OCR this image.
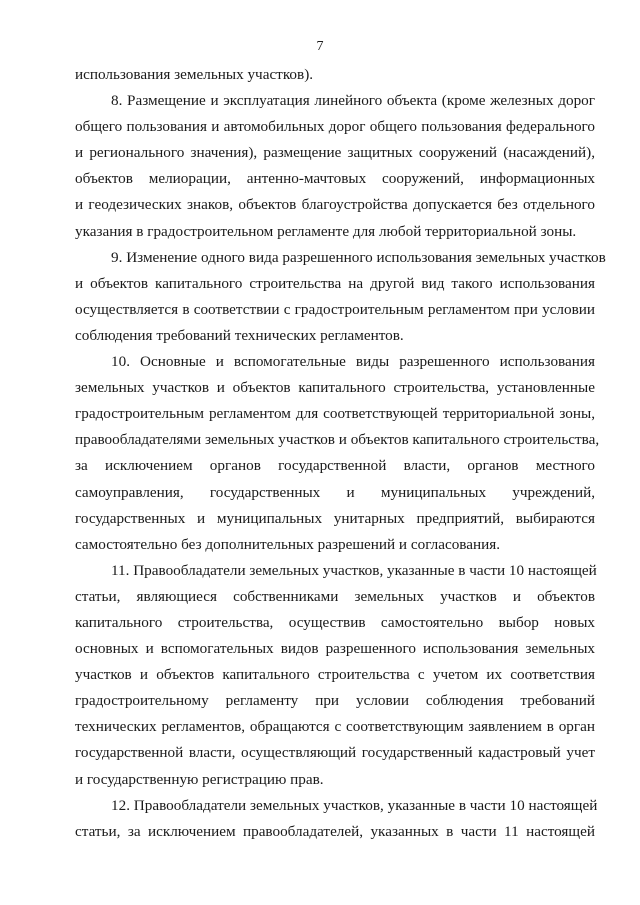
7
использования земельных участков).
8. Размещение и эксплуатация линейного объекта (кроме железных дорог
общего пользования и автомобильных дорог общего пользования федерального
и регионального значения), размещение защитных сооружений (насаждений),
объектов мелиорации, антенно-мачтовых сооружений, информационных
и геодезических знаков, объектов благоустройства допускается без отдельного
указания в градостроительном регламенте для любой территориальной зоны.
9. Изменение одного вида разрешенного использования земельных участков
и объектов капитального строительства на другой вид такого использования
осуществляется в соответствии с градостроительным регламентом при условии
соблюдения требований технических регламентов.
10. Основные и вспомогательные виды разрешенного использования
земельных участков и объектов капитального строительства, установленные
градостроительным регламентом для соответствующей территориальной зоны,
правообладателями земельных участков и объектов капитального строительства,
за исключением органов государственной власти, органов местного
самоуправления, государственных и муниципальных учреждений,
государственных и муниципальных унитарных предприятий, выбираются
самостоятельно без дополнительных разрешений и согласования.
11. Правообладатели земельных участков, указанные в части 10 настоящей
статьи, являющиеся собственниками земельных участков и объектов
капитального строительства, осуществив самостоятельно выбор новых
основных и вспомогательных видов разрешенного использования земельных
участков и объектов капитального строительства с учетом их соответствия
градостроительному регламенту при условии соблюдения требований
технических регламентов, обращаются с соответствующим заявлением в орган
государственной власти, осуществляющий государственный кадастровый учет
и государственную регистрацию прав.
12. Правообладатели земельных участков, указанные в части 10 настоящей
статьи, за исключением правообладателей, указанных в части 11 настоящей
